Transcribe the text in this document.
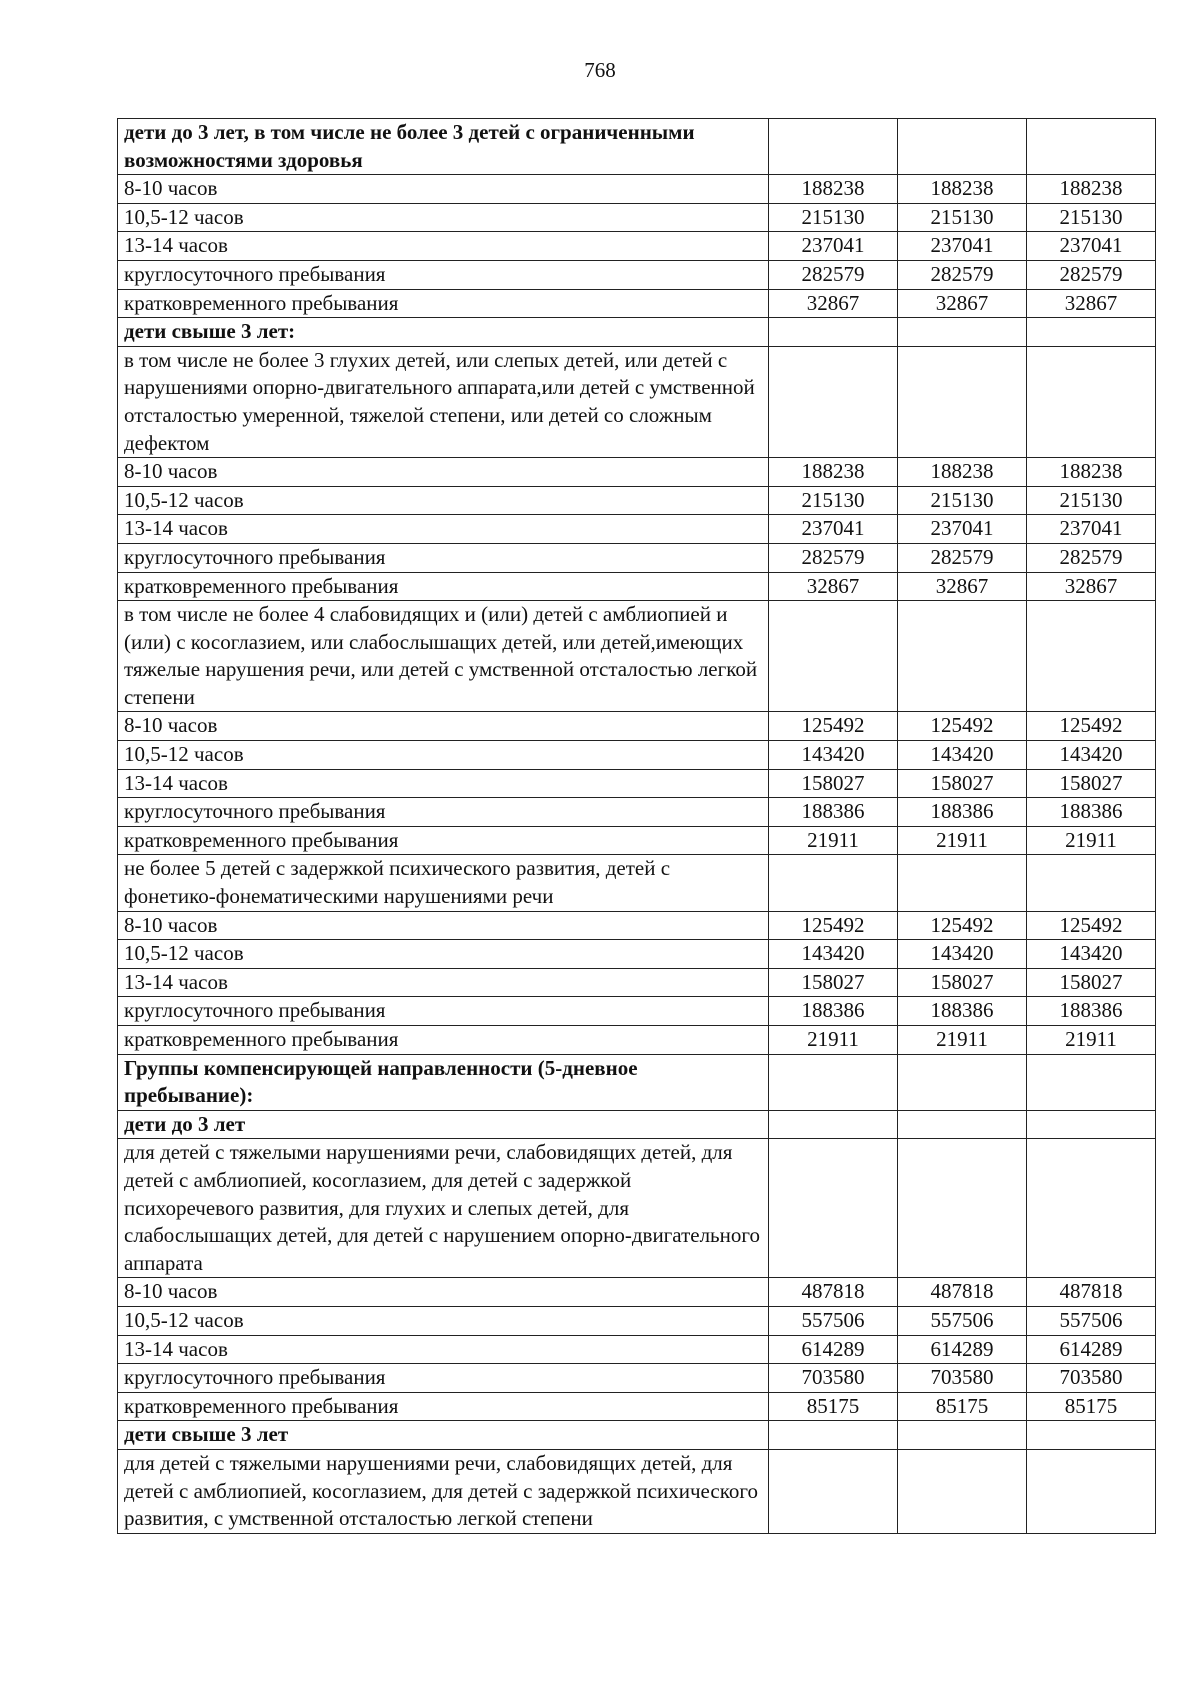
768
дети до 3 лет, в том числе не более 3 детей с ограниченными возможностями здоровья			
8-10 часов	188238	188238	188238
10,5-12 часов	215130	215130	215130
13-14 часов	237041	237041	237041
круглосуточного пребывания	282579	282579	282579
кратковременного пребывания	32867	32867	32867
дети свыше 3 лет:			
в том числе не более 3 глухих детей, или слепых детей, или детей с нарушениями опорно-двигательного аппарата,или детей с умственной отсталостью умеренной, тяжелой степени, или детей со сложным дефектом			
8-10 часов	188238	188238	188238
10,5-12 часов	215130	215130	215130
13-14 часов	237041	237041	237041
круглосуточного пребывания	282579	282579	282579
кратковременного пребывания	32867	32867	32867
в том числе не более 4 слабовидящих и (или) детей с амблиопией и (или) с косоглазием, или слабослышащих детей, или детей,имеющих тяжелые нарушения речи, или детей с умственной отсталостью легкой степени			
8-10 часов	125492	125492	125492
10,5-12 часов	143420	143420	143420
13-14 часов	158027	158027	158027
круглосуточного пребывания	188386	188386	188386
кратковременного пребывания	21911	21911	21911
не более 5 детей с задержкой психического развития, детей с фонетико-фонематическими нарушениями речи			
8-10 часов	125492	125492	125492
10,5-12 часов	143420	143420	143420
13-14 часов	158027	158027	158027
круглосуточного пребывания	188386	188386	188386
кратковременного пребывания	21911	21911	21911
Группы компенсирующей направленности (5-дневное пребывание):			
дети до 3 лет			
для детей с тяжелыми нарушениями речи, слабовидящих детей, для детей с амблиопией, косоглазием, для детей с задержкой психоречевого развития, для глухих и слепых детей, для слабослышащих детей, для детей с нарушением опорно-двигательного аппарата			
8-10 часов	487818	487818	487818
10,5-12 часов	557506	557506	557506
13-14 часов	614289	614289	614289
круглосуточного пребывания	703580	703580	703580
кратковременного пребывания	85175	85175	85175
дети свыше 3 лет			
для детей с тяжелыми нарушениями речи, слабовидящих детей, для детей с амблиопией, косоглазием, для детей с задержкой психического развития, с умственной отсталостью легкой степени			
